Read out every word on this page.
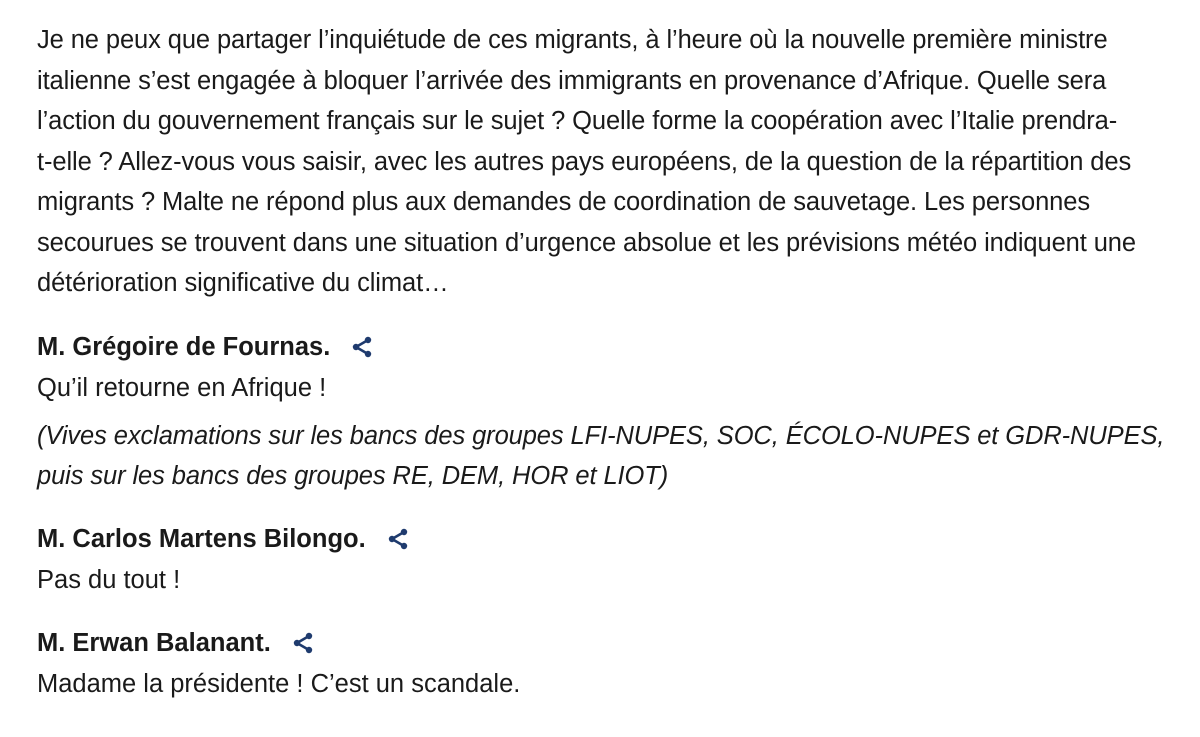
Je ne peux que partager l’inquiétude de ces migrants, à l’heure où la nouvelle première ministre
italienne s’est engagée à bloquer l’arrivée des immigrants en provenance d’Afrique. Quelle sera
l’action du gouvernement français sur le sujet ? Quelle forme la coopération avec l’Italie prendra-
t-elle ? Allez-vous vous saisir, avec les autres pays européens, de la question de la répartition des
migrants ? Malte ne répond plus aux demandes de coordination de sauvetage. Les personnes
secourues se trouvent dans une situation d’urgence absolue et les prévisions météo indiquent une
détérioration significative du climat…

M. Grégoire de Fournas.

Qu’il retourne en Afrique !

(Vives exclamations sur les bancs des groupes LFI-NUPES, SOC, ÉCOLO-NUPES et GDR-NUPES,
puis sur les bancs des groupes RE, DEM, HOR et LIOT)

M. Carlos Martens Bilongo.

Pas du tout !

M. Erwan Balanant.

Madame la présidente ! C’est un scandale.
